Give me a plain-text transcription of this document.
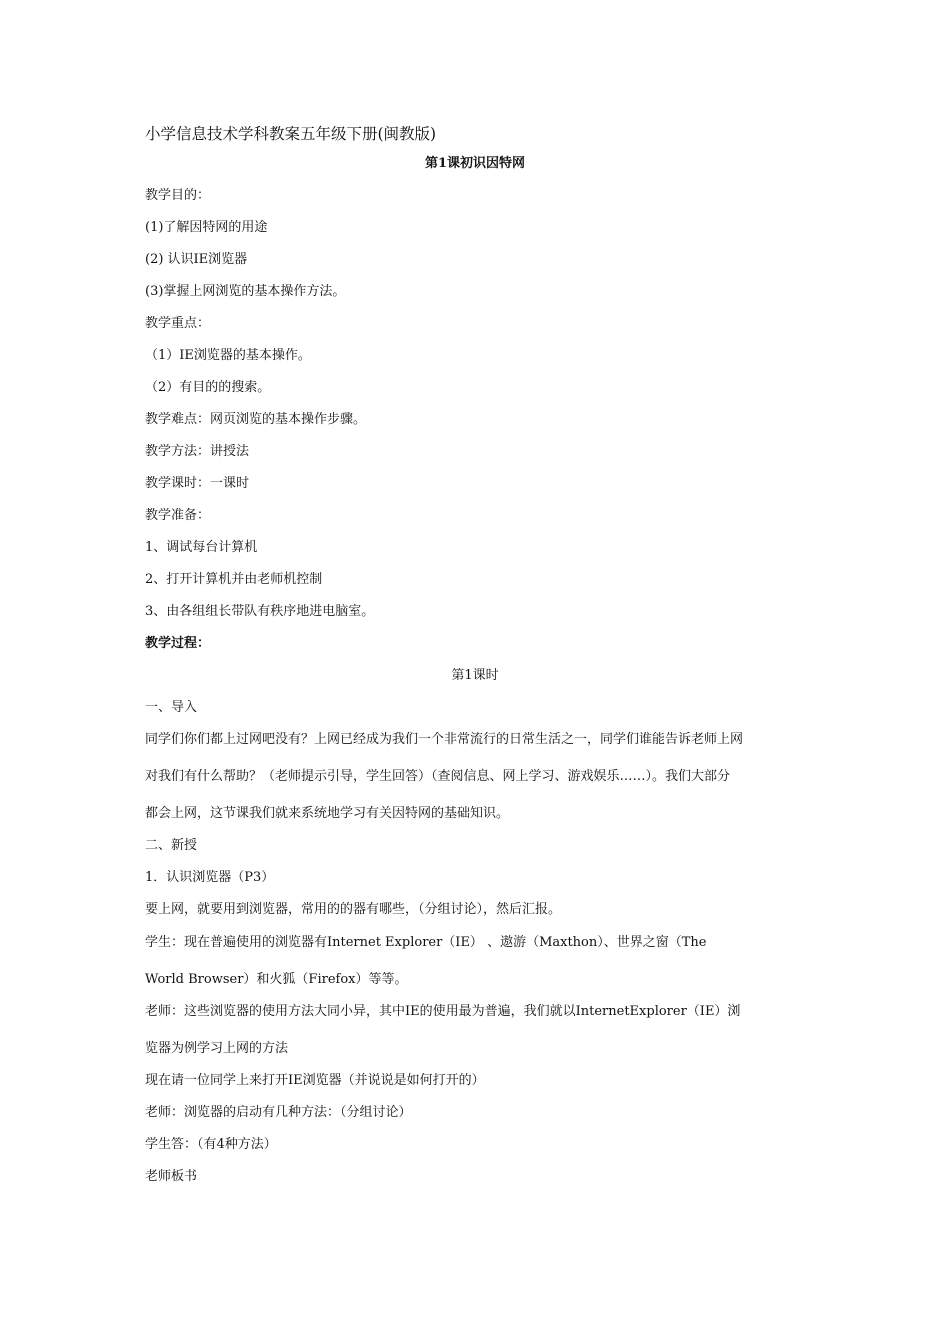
小学信息技术学科教案五年级下册(闽教版)
第1课初识因特网
教学目的：
(1)了解因特网的用途
(2) 认识IE浏览器
(3)掌握上网浏览的基本操作方法。
教学重点：
（1）IE浏览器的基本操作。
（2）有目的的搜索。
教学难点：网页浏览的基本操作步骤。
教学方法：讲授法
教学课时：一课时
教学准备：
1、调试每台计算机
2、打开计算机并由老师机控制
3、由各组组长带队有秩序地进电脑室。
教学过程：
第1课时
一、导入
同学们你们都上过网吧没有？上网已经成为我们一个非常流行的日常生活之一，同学们谁能告诉老师上网
对我们有什么帮助？（老师提示引导，学生回答）（查阅信息、网上学习、游戏娱乐……）。我们大部分
都会上网，这节课我们就来系统地学习有关因特网的基础知识。
二、新授
1．认识浏览器（P3）
要上网，就要用到浏览器，常用的的器有哪些，（分组讨论），然后汇报。
学生：现在普遍使用的浏览器有Internet Explorer（IE） 、遨游（Maxthon）、世界之窗（The
World Browser）和火狐（Firefox）等等。
老师：这些浏览器的使用方法大同小异，其中IE的使用最为普遍，我们就以InternetExplorer（IE）浏
览器为例学习上网的方法
现在请一位同学上来打开IE浏览器（并说说是如何打开的）
老师：浏览器的启动有几种方法：（分组讨论）
学生答：（有4种方法）
老师板书
